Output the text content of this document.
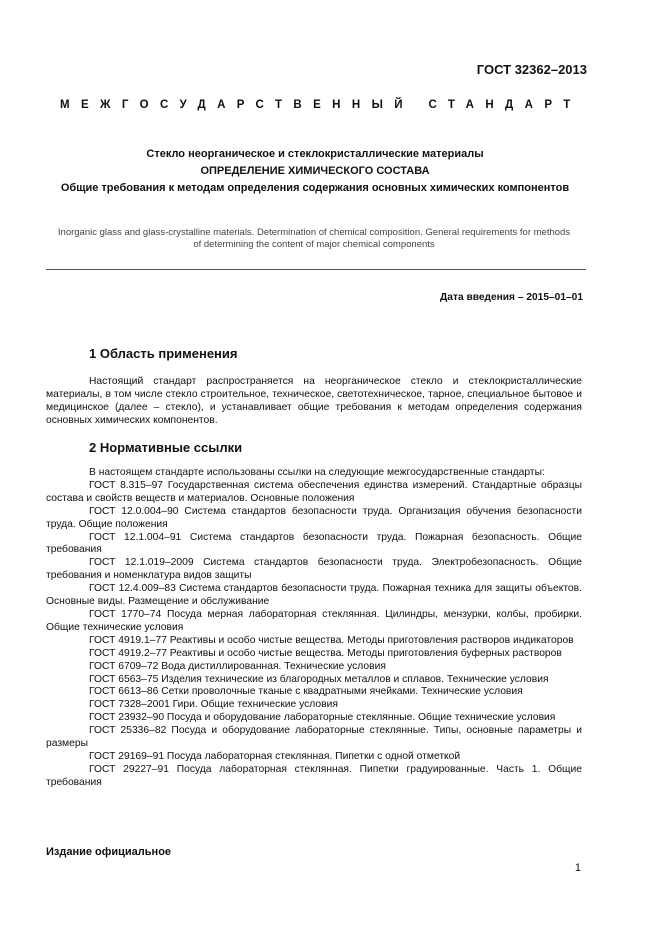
ГОСТ 32362–2013
МЕЖГОСУДАРСТВЕННЫЙ СТАНДАРТ
Стекло неорганическое и стеклокристаллические материалы
ОПРЕДЕЛЕНИЕ ХИМИЧЕСКОГО СОСТАВА
Общие требования к методам определения содержания основных химических компонентов
Inorganic glass and glass-crystalline materials. Determination of chemical composition. General requirements for methods of determining the content of major chemical components
Дата введения – 2015–01–01
1 Область применения
Настоящий стандарт распространяется на неорганическое стекло и стеклокристаллические материалы, в том числе стекло строительное, техническое, светотехническое, тарное, специальное бытовое и медицинское (далее – стекло), и устанавливает общие требования к методам определения содержания основных химических компонентов.
2 Нормативные ссылки

В настоящем стандарте использованы ссылки на следующие межгосударственные стандарты:

ГОСТ 8.315–97 Государственная система обеспечения единства измерений. Стандартные образцы состава и свойств веществ и материалов. Основные положения

ГОСТ 12.0.004–90 Система стандартов безопасности труда. Организация обучения безопасности труда. Общие положения

ГОСТ 12.1.004–91 Система стандартов безопасности труда. Пожарная безопасность. Общие требования

ГОСТ 12.1.019–2009 Система стандартов безопасности труда. Электробезопасность. Общие требования и номенклатура видов защиты

ГОСТ 12.4.009–83 Система стандартов безопасности труда. Пожарная техника для защиты объектов. Основные виды. Размещение и обслуживание

ГОСТ 1770–74 Посуда мерная лабораторная стеклянная. Цилиндры, мензурки, колбы, пробирки. Общие технические условия

ГОСТ 4919.1–77 Реактивы и особо чистые вещества. Методы приготовления растворов индикаторов

ГОСТ 4919.2–77 Реактивы и особо чистые вещества. Методы приготовления буферных растворов

ГОСТ 6709–72 Вода дистиллированная. Технические условия

ГОСТ 6563–75 Изделия технические из благородных металлов и сплавов. Технические условия

ГОСТ 6613–86 Сетки проволочные тканые с квадратными ячейками. Технические условия

ГОСТ 7328–2001 Гири. Общие технические условия

ГОСТ 23932–90 Посуда и оборудование лабораторные стеклянные. Общие технические условия

ГОСТ 25336–82 Посуда и оборудование лабораторные стеклянные. Типы, основные параметры и размеры

ГОСТ 29169–91 Посуда лабораторная стеклянная. Пипетки с одной отметкой

ГОСТ 29227–91 Посуда лабораторная стеклянная. Пипетки градуированные. Часть 1. Общие требования

Издание официальное
1
